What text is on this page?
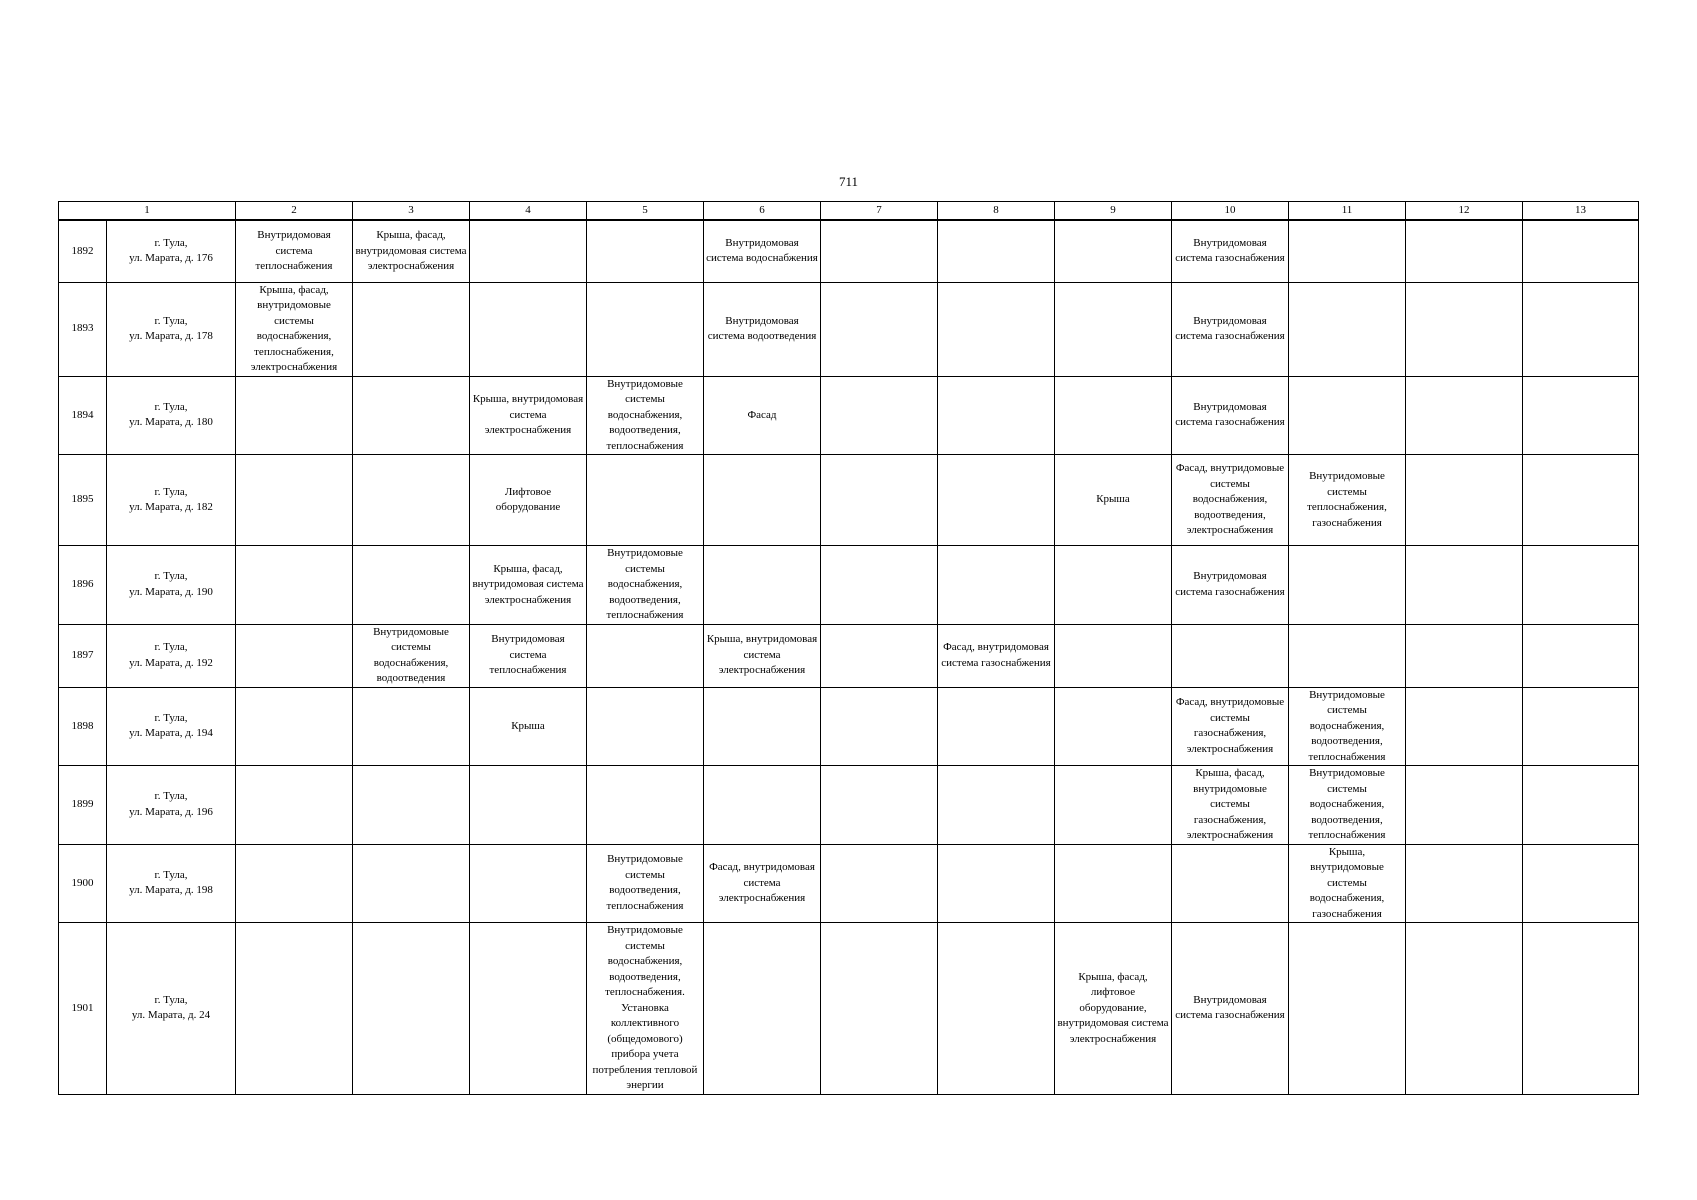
711
1		2	3	4	5	6	7	8	9	10	11	12	13
1892	г. Тула,
ул. Марата, д. 176	Внутридомовая система теплоснабжения	Крыша, фасад, внутридомовая система электроснабжения			Внутридомовая система водоснабжения				Внутридомовая система газоснабжения			

1893	г. Тула,
ул. Марата, д. 178	Крыша, фасад, внутридомовые системы водоснабжения, теплоснабжения, электроснабжения				Внутридомовая система водоотведения				Внутридомовая система газоснабжения			

1894	г. Тула,
ул. Марата, д. 180			Крыша, внутридомовая система электроснабжения	Внутридомовые системы водоснабжения, водоотведения, теплоснабжения	Фасад				Внутридомовая система газоснабжения			

1895	г. Тула,
ул. Марата, д. 182			Лифтовое оборудование					Крыша	Фасад, внутридомовые системы водоснабжения, водоотведения, электроснабжения	Внутридомовые системы теплоснабжения, газоснабжения		

1896	г. Тула,
ул. Марата, д. 190			Крыша, фасад, внутридомовая система электроснабжения	Внутридомовые системы водоснабжения, водоотведения, теплоснабжения					Внутридомовая система газоснабжения			

1897	г. Тула,
ул. Марата, д. 192		Внутридомовые системы водоснабжения, водоотведения	Внутридомовая система теплоснабжения		Крыша, внутридомовая система электроснабжения		Фасад, внутридомовая система газоснабжения					

1898	г. Тула,
ул. Марата, д. 194			Крыша						Фасад, внутридомовые системы газоснабжения, электроснабжения	Внутридомовые системы водоснабжения, водоотведения, теплоснабжения		

1899	г. Тула,
ул. Марата, д. 196									Крыша, фасад, внутридомовые системы газоснабжения, электроснабжения	Внутридомовые системы водоснабжения, водоотведения, теплоснабжения		

1900	г. Тула,
ул. Марата, д. 198				Внутридомовые системы водоотведения, теплоснабжения	Фасад, внутридомовая система электроснабжения					Крыша, внутридомовые системы водоснабжения, газоснабжения		

1901	г. Тула,
ул. Марата, д. 24				Внутридомовые системы водоснабжения, водоотведения, теплоснабжения. Установка коллективного (общедомового) прибора учета потребления тепловой энергии				Крыша, фасад, лифтовое оборудование, внутридомовая система электроснабжения	Внутридомовая система газоснабжения			
